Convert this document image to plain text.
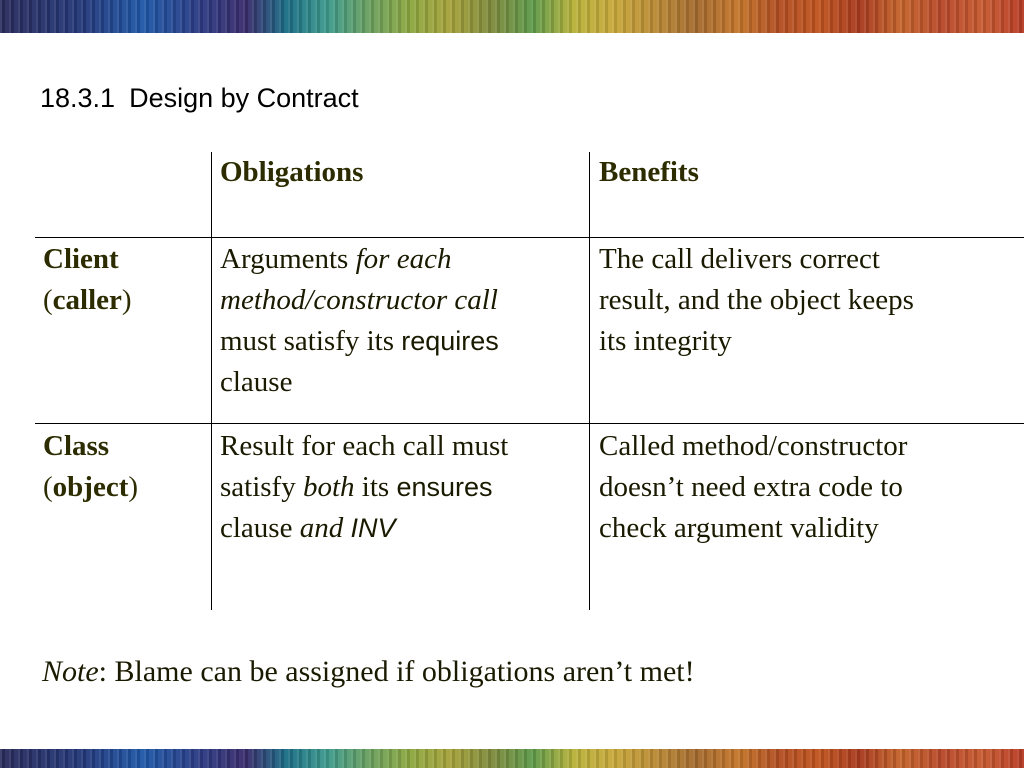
18.3.1 Design by Contract
Obligations	Benefits
Client
(caller)
Arguments for each
method/constructor call
must satisfy its requires
clause
The call delivers correct
result, and the object keeps
its integrity
Class
(object)
Result for each call must
satisfy both its ensures
clause and INV
Called method/constructor
doesn’t need extra code to
check argument validity
Note: Blame can be assigned if obligations aren’t met!
